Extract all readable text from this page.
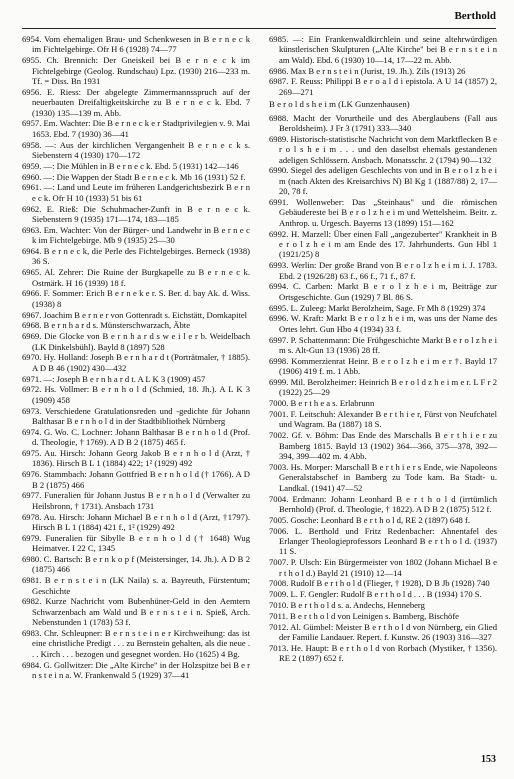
Berthold
6954. Vom ehemaligen Brau- und Schenkwesen in B e r n e c k im Fichtelgebirge. Ofr H 6 (1928) 74—77
6955. Ch. Brennich: Der Gneiskeil bei B e r n e c k im Fichtelgebirge (Geolog. Rundschau) Lpz. (1930) 216—233 m. Tf. = Diss. Bn 1931
6956. E. Riess: Der abgelegte Zimmermannsspruch auf der neuerbauten Dreifaltigkeitskirche zu B e r n e c k. Ebd. 7 (1930) 135—139 m. Abb.
6957. Em. Wachter: Die B e r n e c k e r Stadtprivilegien v. 9. Mai 1653. Ebd. 7 (1930) 36—41
6958. —: Aus der kirchlichen Vergangenheit B e r n e c k s. Siebenstern 4 (1930) 170—172
6959. —: Die Mühlen in B e r n e c k. Ebd. 5 (1931) 142—146
6960. —: Die Wappen der Stadt B e r n e c k. Mb 16 (1931) 52 f.
6961. —: Land und Leute im früheren Landgerichtsbezirk B e r n e c k. Ofr H 10 (1933) 51 bis 61
6962. E. Rieß: Die Schuhmacher-Zunft in B e r n e c k. Siebenstern 9 (1935) 171—174, 183—185
6963. Em. Wachter: Von der Bürger- und Landwehr in B e r n e c k im Fichtelgebirge. Mb 9 (1935) 25—30
6964. B e r n e c k, die Perle des Fichtelgebirges. Berneck (1938) 36 S.
6965. Al. Zehrer: Die Ruine der Burgkapelle zu B e r n e c k. Ostmärk. H 16 (1939) 18 f.
6966. F. Sommer: Erich B e r n e k e r. S. Ber. d. bay Ak. d. Wiss. (1938) 8
6967. Joachim B e r n e r von Gottenradt s. Eichstätt, Domkapitel
6968. B e r n h a r d s. Münsterschwarzach, Äbte
6969. Die Glocke von B e r n h a r d s w e i l e r b. Weidelbach (LK Dinkelsbühl). Bayld 8 (1897) 528
6970. Hy. Holland: Joseph B e r n h a r d t (Porträtmaler, † 1885). A D B 46 (1902) 430—432
6971. —: Joseph B e r n h a r d t. A L K 3 (1909) 457
6972. Hs. Vollmer: B e r n h o l d (Schmied, 18. Jh.). A L K 3 (1909) 458
6973. Verschiedene Gratulationsreden und -gedichte für Johann Balthasar B e r n h o l d in der Stadtbibliothek Nürnberg
6974. G. Wo. C. Lochner: Johann Balthasar B e r n h o l d (Prof. d. Theologie, † 1769). A D B 2 (1875) 465 f.
6975. Au. Hirsch: Johann Georg Jakob B e r n h o l d (Arzt, † 1836). Hirsch B L 1 (1884) 422; 1² (1929) 492
6976. Stammbach: Johann Gottfried B e r n h o l d († 1766). A D B 2 (1875) 466
6977. Funeralien für Johann Justus B e r n h o l d (Verwalter zu Heilsbronn, † 1731). Ansbach 1731
6978. Au. Hirsch: Johann Michael B e r n h o l d (Arzt, †1797). Hirsch B L 1 (1884) 421 f., 1² (1929) 492
6979. Funeralien für Sibylle B e r n h o l d († 1648) Wug Heimatver. I 22 C, 1345
6980. C. Bartsch: B e r n k o p f (Meistersinger, 14. Jh.). A D B 2 (1875) 466
6981. B e r n s t e i n (LK Naila) s. a. Bayreuth, Fürstentum; Geschichte
6982. Kurze Nachricht vom Bubenhüner-Geld in den Aemtern Schwarzenbach am Wald und B e r n s t e i n. Spieß, Arch. Nebenstunden 1 (1783) 53 f.
6983. Chr. Schleupner: B e r n s t e i n e r Kirchweihung: das ist eine christliche Predigt . . . zu Bernstein gehalten, als die neue . . . Kirch . . . bezogen und gesegnet worden. Ho (1625) 4 Bg.
6984. G. Gollwitzer: Die „Alte Kirche" in der Holzspitze bei B e r n s t e i n a. W. Frankenwald 5 (1929) 37—41
6985. —: Ein Frankenwaldkirchlein und seine altehrwürdigen künstlerischen Skulpturen („Alte Kirche" bei B e r n s t e i n am Wald). Ebd. 6 (1930) 10—14, 17—22 m. Abb.
6986. Max B e r n s t e i n (Jurist, 19. Jh.). Zils (1913) 26
6987. F. Reuss: Philippi B e r o a l d i epistola. A U 14 (1857) 2, 269—271
B e r o l d s h e i m (LK Gunzenhausen)
6988. Macht der Vorurtheile und des Aberglaubens (Fall aus Beroldsheim). J Fr 3 (1791) 333—340
6989. Historisch-statistische Nachricht von dem Marktflecken B e r o l s h e i m . . . und den daselbst ehemals gestandenen adeligen Schlössern. Ansbach. Monatsschr. 2 (1794) 90—132
6990. Siegel des adeligen Geschlechts von und in B e r o l z h e i m (nach Akten des Kreisarchivs N) Bl Kg 1 (1887/88) 2, 17—20, 78 f.
6991. Wollenweber: Das „Steinhaus" und die römischen Gebäudereste bei B e r o l z h e i m und Wettelsheim. Beitr. z. Anthrop. u. Urgesch. Bayerns 13 (1899) 151—162
6992. H. Marzell: Über einen Fall „angezuberter" Krankheit in B e r o l z h e i m am Ende des 17. Jahrhunderts. Gun Hbl 1 (1921/25) 8
6993. Werlin: Der große Brand von B e r o l z h e i m i. J. 1783. Ebd. 2 (1926/28) 63 f., 66 f., 71 f., 87 f.
6994. C. Carben: Markt B e r o l z h e i m, Beiträge zur Ortsgeschichte. Gun (1929) 7 Bl. 86 S.
6995. L. Zuleeg: Markt Berolzheim, Sage. Fr Mh 8 (1929) 374
6996. W. Kraft: Markt B e r o l z h e i m, was uns der Name des Ortes lehrt. Gun Hbo 4 (1934) 33 f.
6997. P. Schattenmann: Die Frühgeschichte Markt B e r o l z h e i m s. Alt-Gun 13 (1936) 28 ff.
6998. Kommerzienrat Heinr. B e r o l z h e i m e r †. Bayld 17 (1906) 419 f. m. 1 Abb.
6999. Mil. Berolzheimer: Heinrich B e r o l d z h e i m e r. L F r 2 (1922) 25—29
7000. B e r t h e a s. Erlabrunn
7001. F. Leitschuh: Alexander B e r t h i e r, Fürst von Neufchatel und Wagram. Ba (1887) 18 S.
7002. Gf. v. Böhm: Das Ende des Marschalls B e r t h i e r zu Bamberg 1815. Bayld 13 (1902) 364—366, 375—378, 392—394, 399—402 m. 4 Abb.
7003. Hs. Morper: Marschall B e r t h i e r s Ende, wie Napoleons Generalstabschef in Bamberg zu Tode kam. Ba Stadt- u. Landkal. (1941) 47—52
7004. Erdmann: Johann Leonhard B e r t h o l d (irrtümlich Bernhold) (Prof. d. Theologie, † 1822). A D B 2 (1875) 512 f.
7005. Gosche: Leonhard B e r t h o l d, RE 2 (1897) 648 f.
7006. L. Berthold und Fritz Redenbacher: Ahnentafel des Erlanger Theologieprofessors Leonhard B e r t h o l d. (1937) 11 S.
7007. P. Ulsch: Ein Bürgermeister von 1802 (Johann Michael B e r t h o l d.) Bayld 21 (1910) 12—14
7008. Rudolf B e r t h o l d (Flieger, † 1928), D B Jb (1928) 740
7009. L. F. Gengler: Rudolf B e r t h o l d . . . B (1934) 170 S.
7010. B e r t h o l d s. a. Andechs, Henneberg
7011. B e r t h o l d von Leinigen s. Bamberg, Bischöfe
7012. Al. Gümbel: Meister B e r t h o l d von Nürnberg, ein Glied der Familie Landauer. Repert. f. Kunstw. 26 (1903) 316—327
7013. He. Haupt: B e r t h o l d von Rorbach (Mystiker, † 1356). RE 2 (1897) 652 f.
153
